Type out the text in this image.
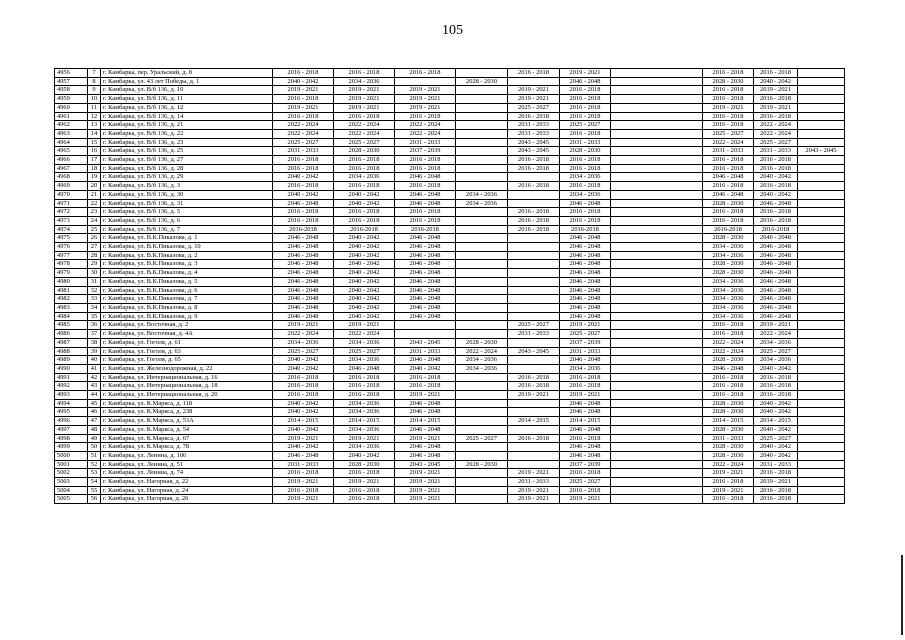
105
4956	7	г. Камбарка, пер. Уральский, д. 8	2016 - 2018	2016 - 2018	2016 - 2018		2016 - 2018	2019 - 2021		2016 - 2018	2016 - 2018	
4957	8	г. Камбарка, ул. 43 лет Победы, д. 1	2040 - 2042	2034 - 2036		2028 - 2030		2046 - 2048		2028 - 2030	2040 - 2042	
4958	9	г. Камбарка, ул. В/б 136, д. 10	2019 - 2021	2019 - 2021	2019 - 2021		2019 - 2021	2016 - 2018		2016 - 2018	2019 - 2021	
4959	10	г. Камбарка, ул. В/б 136, д. 11	2016 - 2018	2019 - 2021	2019 - 2021		2019 - 2021	2016 - 2018		2016 - 2018	2016 - 2018	
4960	11	г. Камбарка, ул. В/б 136, д. 12	2019 - 2021	2019 - 2021	2019 - 2021		2025 - 2027	2016 - 2018		2019 - 2021	2019 - 2021	
4961	12	г. Камбарка, ул. В/б 136, д. 14	2016 - 2018	2016 - 2018	2016 - 2018		2016 - 2018	2016 - 2018		2016 - 2018	2016 - 2018	
4962	13	г. Камбарка, ул. В/б 136, д. 21	2022 - 2024	2022 - 2024	2022 - 2024		2031 - 2033	2025 - 2027		2016 - 2018	2022 - 2024	
4963	14	г. Камбарка, ул. В/б 136, д. 22	2022 - 2024	2022 - 2024	2022 - 2024		2031 - 2033	2016 - 2018		2025 - 2027	2022 - 2024	
4964	15	г. Камбарка, ул. В/б 136, д. 23	2025 - 2027	2025 - 2027	2031 - 2033		2043 - 2045	2031 - 2033		2022 - 2024	2025 - 2027	
4965	16	г. Камбарка, ул. В/б 136, д. 25	2031 - 2033	2028 - 2030	2037 - 2039		2043 - 2045	2028 - 2030		2031 - 2033	2031 - 2033	2043 - 2045
4966	17	г. Камбарка, ул. В/б 136, д. 27	2016 - 2018	2016 - 2018	2016 - 2018		2016 - 2018	2016 - 2018		2016 - 2018	2016 - 2018	
4967	18	г. Камбарка, ул. В/б 136, д. 28	2016 - 2018	2016 - 2018	2016 - 2018		2016 - 2018	2016 - 2018		2016 - 2018	2016 - 2018	
4968	19	г. Камбарка, ул. В/б 136, д. 29	2040 - 2042	2034 - 2036	2046 - 2048			2034 - 2036		2046 - 2048	2040 - 2042	
4969	20	г. Камбарка, ул. В/б 136, д. 3	2016 - 2018	2016 - 2018	2016 - 2018		2016 - 2018	2016 - 2018		2016 - 2018	2016 - 2018	
4970	21	г. Камбарка, ул. В/б 136, д. 30	2040 - 2042	2040 - 2042	2046 - 2048	2034 - 2036		2034 - 2036		2046 - 2048	2040 - 2042	
4971	22	г. Камбарка, ул. В/б 136, д. 31	2046 - 2048	2040 - 2042	2046 - 2048	2034 - 2036		2046 - 2048		2028 - 2030	2046 - 2048	
4972	23	г. Камбарка, ул. В/б 136, д. 5	2016 - 2018	2016 - 2018	2016 - 2018		2016 - 2018	2016 - 2018		2016 - 2018	2016 - 2018	
4973	24	г. Камбарка, ул. В/б 136, д. 6	2016 - 2018	2016 - 2018	2016 - 2018		2016 - 2018	2016 - 2018		2016 - 2018	2016 - 2018	
4974	25	г. Камбарка, ул. В/б 136, д. 7	2016-2018	2016-2018	2016-2018		2016 - 2018	2016-2018		2016-2018	2016-2018	
4975	26	г. Камбарка, ул. В.К.Пикалова, д. 1	2046 - 2048	2040 - 2042	2046 - 2048			2046 - 2048		2028 - 2030	2046 - 2048	
4976	27	г. Камбарка, ул. В.К.Пикалова, д. 10	2046 - 2048	2040 - 2042	2046 - 2048			2046 - 2048		2034 - 2036	2046 - 2048	
4977	28	г. Камбарка, ул. В.К.Пикалова, д. 2	2046 - 2048	2040 - 2042	2046 - 2048			2046 - 2048		2034 - 2036	2046 - 2048	
4978	29	г. Камбарка, ул. В.К.Пикалова, д. 3	2046 - 2048	2040 - 2042	2046 - 2048			2046 - 2048		2028 - 2030	2046 - 2048	
4979	30	г. Камбарка, ул. В.К.Пикалова, д. 4	2046 - 2048	2040 - 2042	2046 - 2048			2046 - 2048		2028 - 2030	2046 - 2048	
4980	31	г. Камбарка, ул. В.К.Пикалова, д. 5	2046 - 2048	2040 - 2042	2046 - 2048			2046 - 2048		2034 - 2036	2046 - 2048	
4981	32	г. Камбарка, ул. В.К.Пикалова, д. 6	2046 - 2048	2040 - 2042	2046 - 2048			2046 - 2048		2034 - 2036	2046 - 2048	
4982	33	г. Камбарка, ул. В.К.Пикалова, д. 7	2046 - 2048	2040 - 2042	2046 - 2048			2046 - 2048		2034 - 2036	2046 - 2048	
4983	34	г. Камбарка, ул. В.К.Пикалова, д. 8	2046 - 2048	2040 - 2042	2046 - 2048			2046 - 2048		2034 - 2036	2046 - 2048	
4984	35	г. Камбарка, ул. В.К.Пикалова, д. 9	2046 - 2048	2040 - 2042	2046 - 2048			2046 - 2048		2034 - 2036	2046 - 2048	
4985	36	г. Камбарка, ул. Восточная, д. 2	2019 - 2021	2019 - 2021			2025 - 2027	2019 - 2021		2016 - 2018	2019 - 2021	
4986	37	г. Камбарка, ул. Восточная, д. 4А	2022 - 2024	2022 - 2024			2031 - 2033	2025 - 2027		2016 - 2018	2022 - 2024	
4987	38	г. Камбарка, ул. Гоголя, д. 61	2034 - 2036	2034 - 2036	2043 - 2045	2028 - 2030		2037 - 2039		2022 - 2024	2034 - 2036	
4988	39	г. Камбарка, ул. Гоголя, д. 63	2025 - 2027	2025 - 2027	2031 - 2033	2022 - 2024	2043 - 2045	2031 - 2033		2022 - 2024	2025 - 2027	
4989	40	г. Камбарка, ул. Гоголя, д. 65	2040 - 2042	2034 - 2036	2046 - 2048	2034 - 2036		2046 - 2048		2028 - 2030	2034 - 2036	
4990	41	г. Камбарка, ул. Железнодорожная, д. 22	2040 - 2042	2046 - 2048	2040 - 2042	2034 - 2036		2034 - 2036		2046 - 2048	2040 - 2042	
4991	42	г. Камбарка, ул. Интернациональная, д. 16	2016 - 2018	2016 - 2018	2016 - 2018		2016 - 2018	2016 - 2018		2016 - 2018	2016 - 2018	
4992	43	г. Камбарка, ул. Интернациональная, д. 18	2016 - 2018	2016 - 2018	2016 - 2018		2016 - 2018	2016 - 2018		2016 - 2018	2016 - 2018	
4993	44	г. Камбарка, ул. Интернациональная, д. 20	2016 - 2018	2016 - 2018	2019 - 2021		2019 - 2021	2019 - 2021		2016 - 2018	2016 - 2018	
4994	45	г. Камбарка, ул. К.Маркса, д. 118	2040 - 2042	2034 - 2036	2046 - 2048			2046 - 2048		2028 - 2030	2040 - 2042	
4995	46	г. Камбарка, ул. К.Маркса, д. 238	2040 - 2042	2034 - 2036	2046 - 2048			2046 - 2048		2028 - 2030	2040 - 2042	
4996	47	г. Камбарка, ул. К.Маркса, д. 53А	2014 - 2015	2014 - 2015	2014 - 2015		2014 - 2015	2014 - 2015		2014 - 2015	2014 - 2015	
4997	48	г. Камбарка, ул. К.Маркса, д. 54	2040 - 2042	2034 - 2036	2046 - 2048			2046 - 2048		2028 - 2030	2040 - 2042	
4998	49	г. Камбарка, ул. К.Маркса, д. 67	2019 - 2021	2019 - 2021	2019 - 2021	2025 - 2027	2016 - 2018	2016 - 2018		2031 - 2033	2025 - 2027	
4999	50	г. Камбарка, ул. К.Маркса, д. 78	2040 - 2042	2034 - 2036	2046 - 2048			2046 - 2048		2028 - 2030	2040 - 2042	
5000	51	г. Камбарка, ул. Ленина, д. 106	2046 - 2048	2040 - 2042	2046 - 2048			2046 - 2048		2028 - 2030	2040 - 2042	
5001	52	г. Камбарка, ул. Ленина, д. 51	2031 - 2033	2028 - 2030	2043 - 2045	2028 - 2030		2037 - 2039		2022 - 2024	2031 - 2033	
5002	53	г. Камбарка, ул. Ленина, д. 74	2016 - 2018	2016 - 2018	2019 - 2021		2019 - 2021	2016 - 2018		2019 - 2021	2016 - 2018	
5003	54	г. Камбарка, ул. Нагорная, д. 22	2019 - 2021	2019 - 2021	2019 - 2021		2031 - 2033	2025 - 2027		2016 - 2018	2019 - 2021	
5004	55	г. Камбарка, ул. Нагорная, д. 24	2016 - 2018	2016 - 2018	2019 - 2021		2019 - 2021	2016 - 2018		2019 - 2021	2016 - 2018	
5005	56	г. Камбарка, ул. Нагорная, д. 26	2019 - 2021	2016 - 2018	2019 - 2021		2019 - 2021	2019 - 2021		2016 - 2018	2016 - 2018	
